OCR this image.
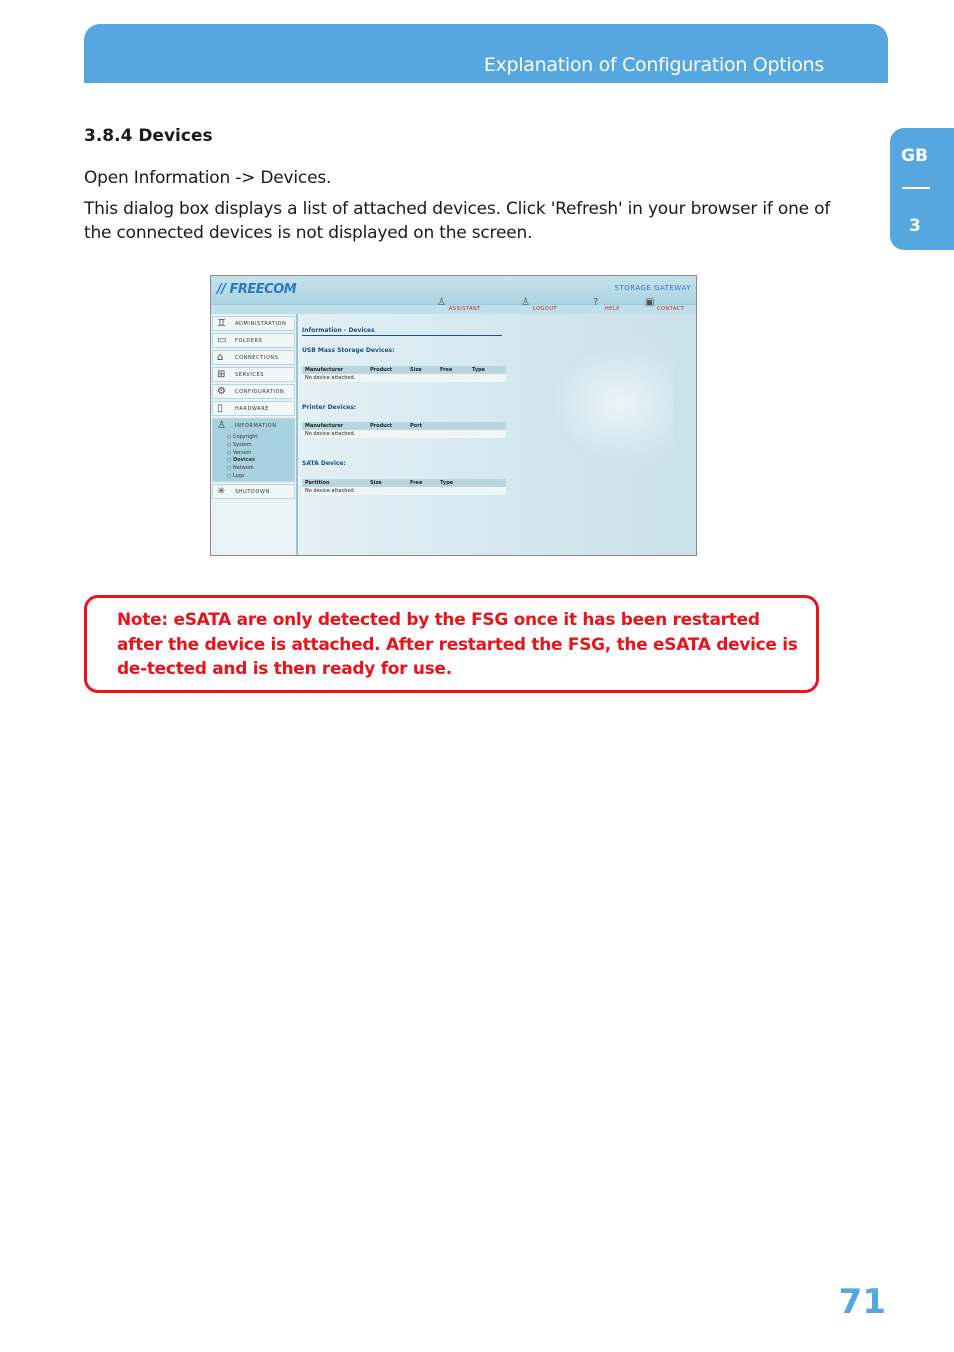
Explanation of Configuration Options
GB
3
3.8.4 Devices
Open Information -> Devices.
This dialog box displays a list of attached devices. Click 'Refresh' in your browser if one of the connected devices is not displayed on the screen.
// FREECOM	STORAGE GATEWAY
♙
ASSISTANT
♙
LOGOUT
?
HELP
▣
CONTACT
♊ ADMINISTRATION
▭ FOLDERS
⌂ CONNECTIONS
⊞ SERVICES
⚙ CONFIGURATION
▯ HARDWARE
♙ INFORMATION
○ Copyright
○ System
○ Version
○ Devices
○ Network
○ Logs
✳ SHUTDOWN
Information - Devices
USB Mass Storage Devices:
Manufacturer	Product	Size	Free	Type
No device attached.
Printer Devices:
Manufacturer	Product	Port
No device attached.
SATA Device:
Partition	Size	Free	Type
No device attached.
Note: eSATA are only detected by the FSG once it has been restarted after the device is attached. After restarted the FSG, the eSATA device is de-tected and is then ready for use.
71
